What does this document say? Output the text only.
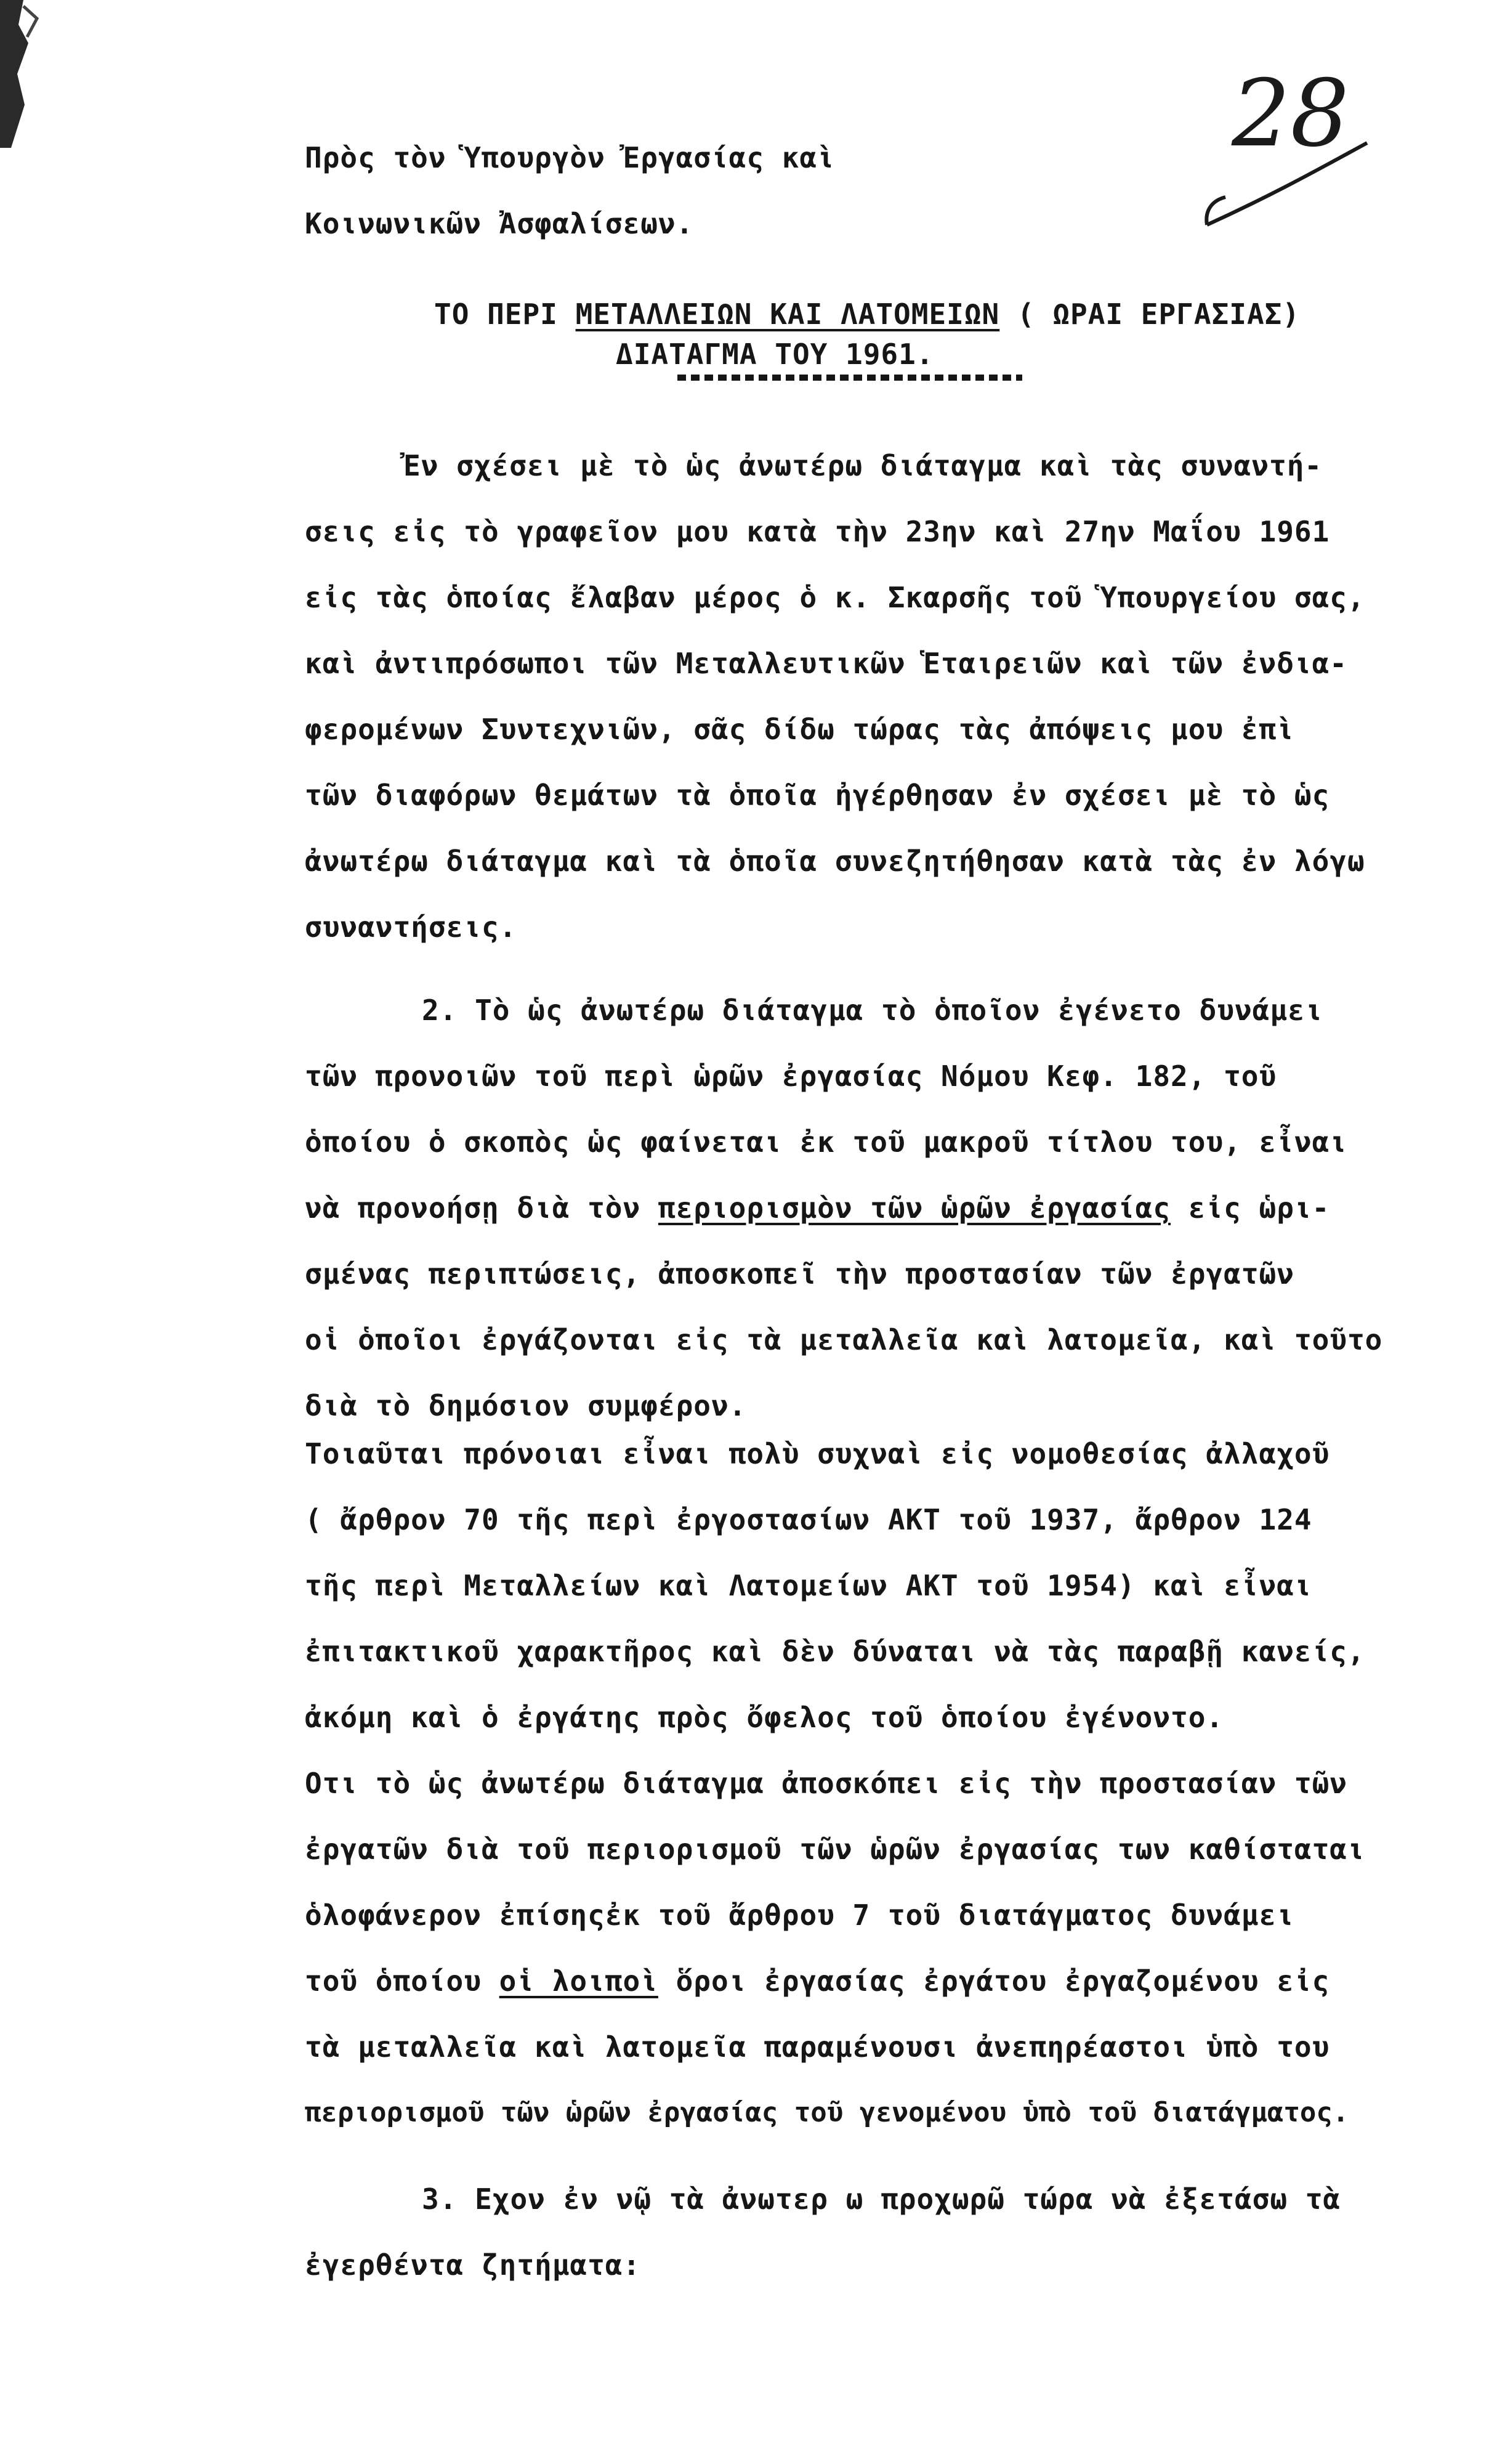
28
Πρὸς τὸν Ὑπουργὸν Ἐργασίας καὶ
Κοινωνικῶν Ἀσφαλίσεων.
ΤΟ ΠΕΡΙ ΜΕΤΑΛΛΕΙΩΝ ΚΑΙ ΛΑΤΟΜΕΙΩΝ ( ΩΡΑΙ ΕΡΓΑΣΙΑΣ)
ΔΙΑΤΑΓΜΑ ΤΟΥ 1961.
Ἐν σχέσει μὲ τὸ ὡς ἀνωτέρω διάταγμα καὶ τὰς συναντή-
σεις εἰς τὸ γραφεῖον μου κατὰ τὴν 23ην καὶ 27ην Μαΐου 1961
εἰς τὰς ὁποίας ἔλαβαν μέρος ὁ κ. Σκαρσῆς τοῦ Ὑπουργείου σας,
καὶ ἀντιπρόσωποι τῶν Μεταλλευτικῶν Ἑταιρειῶν καὶ τῶν ἐνδια-
φερομένων Συντεχνιῶν, σᾶς δίδω τώρας τὰς ἀπόψεις μου ἐπὶ
τῶν διαφόρων θεμάτων τὰ ὁποῖα ἠγέρθησαν ἐν σχέσει μὲ τὸ ὡς
ἀνωτέρω διάταγμα καὶ τὰ ὁποῖα συνεζητήθησαν κατὰ τὰς ἐν λόγω
συναντήσεις.
2. Τὸ ὡς ἀνωτέρω διάταγμα τὸ ὁποῖον ἐγένετο δυνάμει
τῶν προνοιῶν τοῦ περὶ ὡρῶν ἐργασίας Νόμου Κεφ. 182, τοῦ
ὁποίου ὁ σκοπὸς ὡς φαίνεται ἐκ τοῦ μακροῦ τίτλου του, εἶναι
νὰ προνοήσῃ διὰ τὸν περιορισμὸν τῶν ὡρῶν ἐργασίας εἰς ὡρι-
σμένας περιπτώσεις, ἀποσκοπεῖ τὴν προστασίαν τῶν ἐργατῶν
οἱ ὁποῖοι ἐργάζονται εἰς τὰ μεταλλεῖα καὶ λατομεῖα, καὶ τοῦτο
διὰ τὸ δημόσιον συμφέρον.
Τοιαῦται πρόνοιαι εἶναι πολὺ συχναὶ εἰς νομοθεσίας ἀλλαχοῦ
( ἄρθρον 70 τῆς περὶ ἐργοστασίων ΑΚΤ τοῦ 1937, ἄρθρον 124
τῆς περὶ Μεταλλείων καὶ Λατομείων ΑΚΤ τοῦ 1954) καὶ εἶναι
ἐπιτακτικοῦ χαρακτῆρος καὶ δὲν δύναται νὰ τὰς παραβῇ κανείς,
ἀκόμη καὶ ὁ ἐργάτης πρὸς ὄφελος τοῦ ὁποίου ἐγένοντο.
Οτι τὸ ὡς ἀνωτέρω διάταγμα ἀποσκόπει εἰς τὴν προστασίαν τῶν
ἐργατῶν διὰ τοῦ περιορισμοῦ τῶν ὡρῶν ἐργασίας των καθίσταται
ὁλοφάνερον ἐπίσηςἐκ τοῦ ἄρθρου 7 τοῦ διατάγματος δυνάμει
τοῦ ὁποίου οἱ λοιποὶ ὅροι ἐργασίας ἐργάτου ἐργαζομένου εἰς
τὰ μεταλλεῖα καὶ λατομεῖα παραμένουσι ἀνεπηρέαστοι ὑπὸ του
περιορισμοῦ τῶν ὡρῶν ἐργασίας τοῦ γενομένου ὑπὸ τοῦ διατάγματος.
3. Εχον ἐν νῷ τὰ ἀνωτερ ω προχωρῶ τώρα νὰ ἐξετάσω τὰ
ἐγερθέντα ζητήματα:
